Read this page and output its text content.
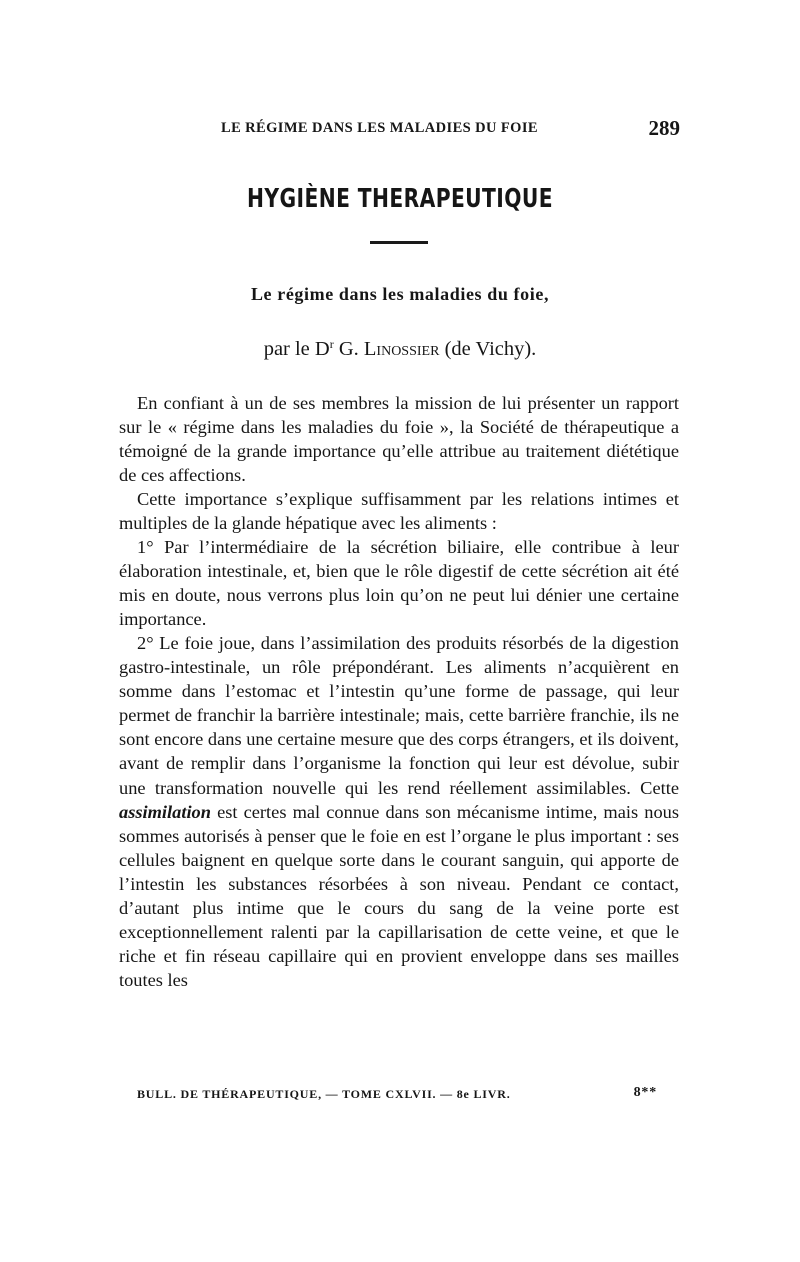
LE RÉGIME DANS LES MALADIES DU FOIE	289
HYGIÈNE THERAPEUTIQUE
Le régime dans les maladies du foie,
par le $D^r$ G. Linossier (de Vichy).

En confiant à un de ses membres la mission de lui présenter un rapport sur le « régime dans les maladies du foie », la Société de thérapeutique a témoigné de la grande importance qu’elle attribue au traitement diététique de ces affections.

Cette importance s’explique suffisamment par les relations intimes et multiples de la glande hépatique avec les aliments :

1° Par l’intermédiaire de la sécrétion biliaire, elle contribue à leur élaboration intestinale, et, bien que le rôle digestif de cette sécrétion ait été mis en doute, nous verrons plus loin qu’on ne peut lui dénier une certaine importance.

2° Le foie joue, dans l’assimilation des produits résorbés de la digestion gastro-intestinale, un rôle prépondérant. Les aliments n’acquièrent en somme dans l’estomac et l’intestin qu’une forme de passage, qui leur permet de franchir la barrière intestinale; mais, cette barrière franchie, ils ne sont encore dans une certaine mesure que des corps étrangers, et ils doivent, avant de remplir dans l’organisme la fonction qui leur est dévolue, subir une transformation nouvelle qui les rend réellement assimilables. Cette assimilation est certes mal connue dans son mécanisme intime, mais nous sommes autorisés à penser que le foie en est l’organe le plus important : ses cellules baignent en quelque sorte dans le courant sanguin, qui apporte de l’intestin les substances résorbées à son niveau. Pendant ce contact, d’autant plus intime que le cours du sang de la veine porte est exceptionnellement ralenti par la capillarisation de cette veine, et que le riche et fin réseau capillaire qui en provient enveloppe dans ses mailles toutes les

BULL. DE THÉRAPEUTIQUE, — TOME CXLVII. — 8e LIVR.	8**
